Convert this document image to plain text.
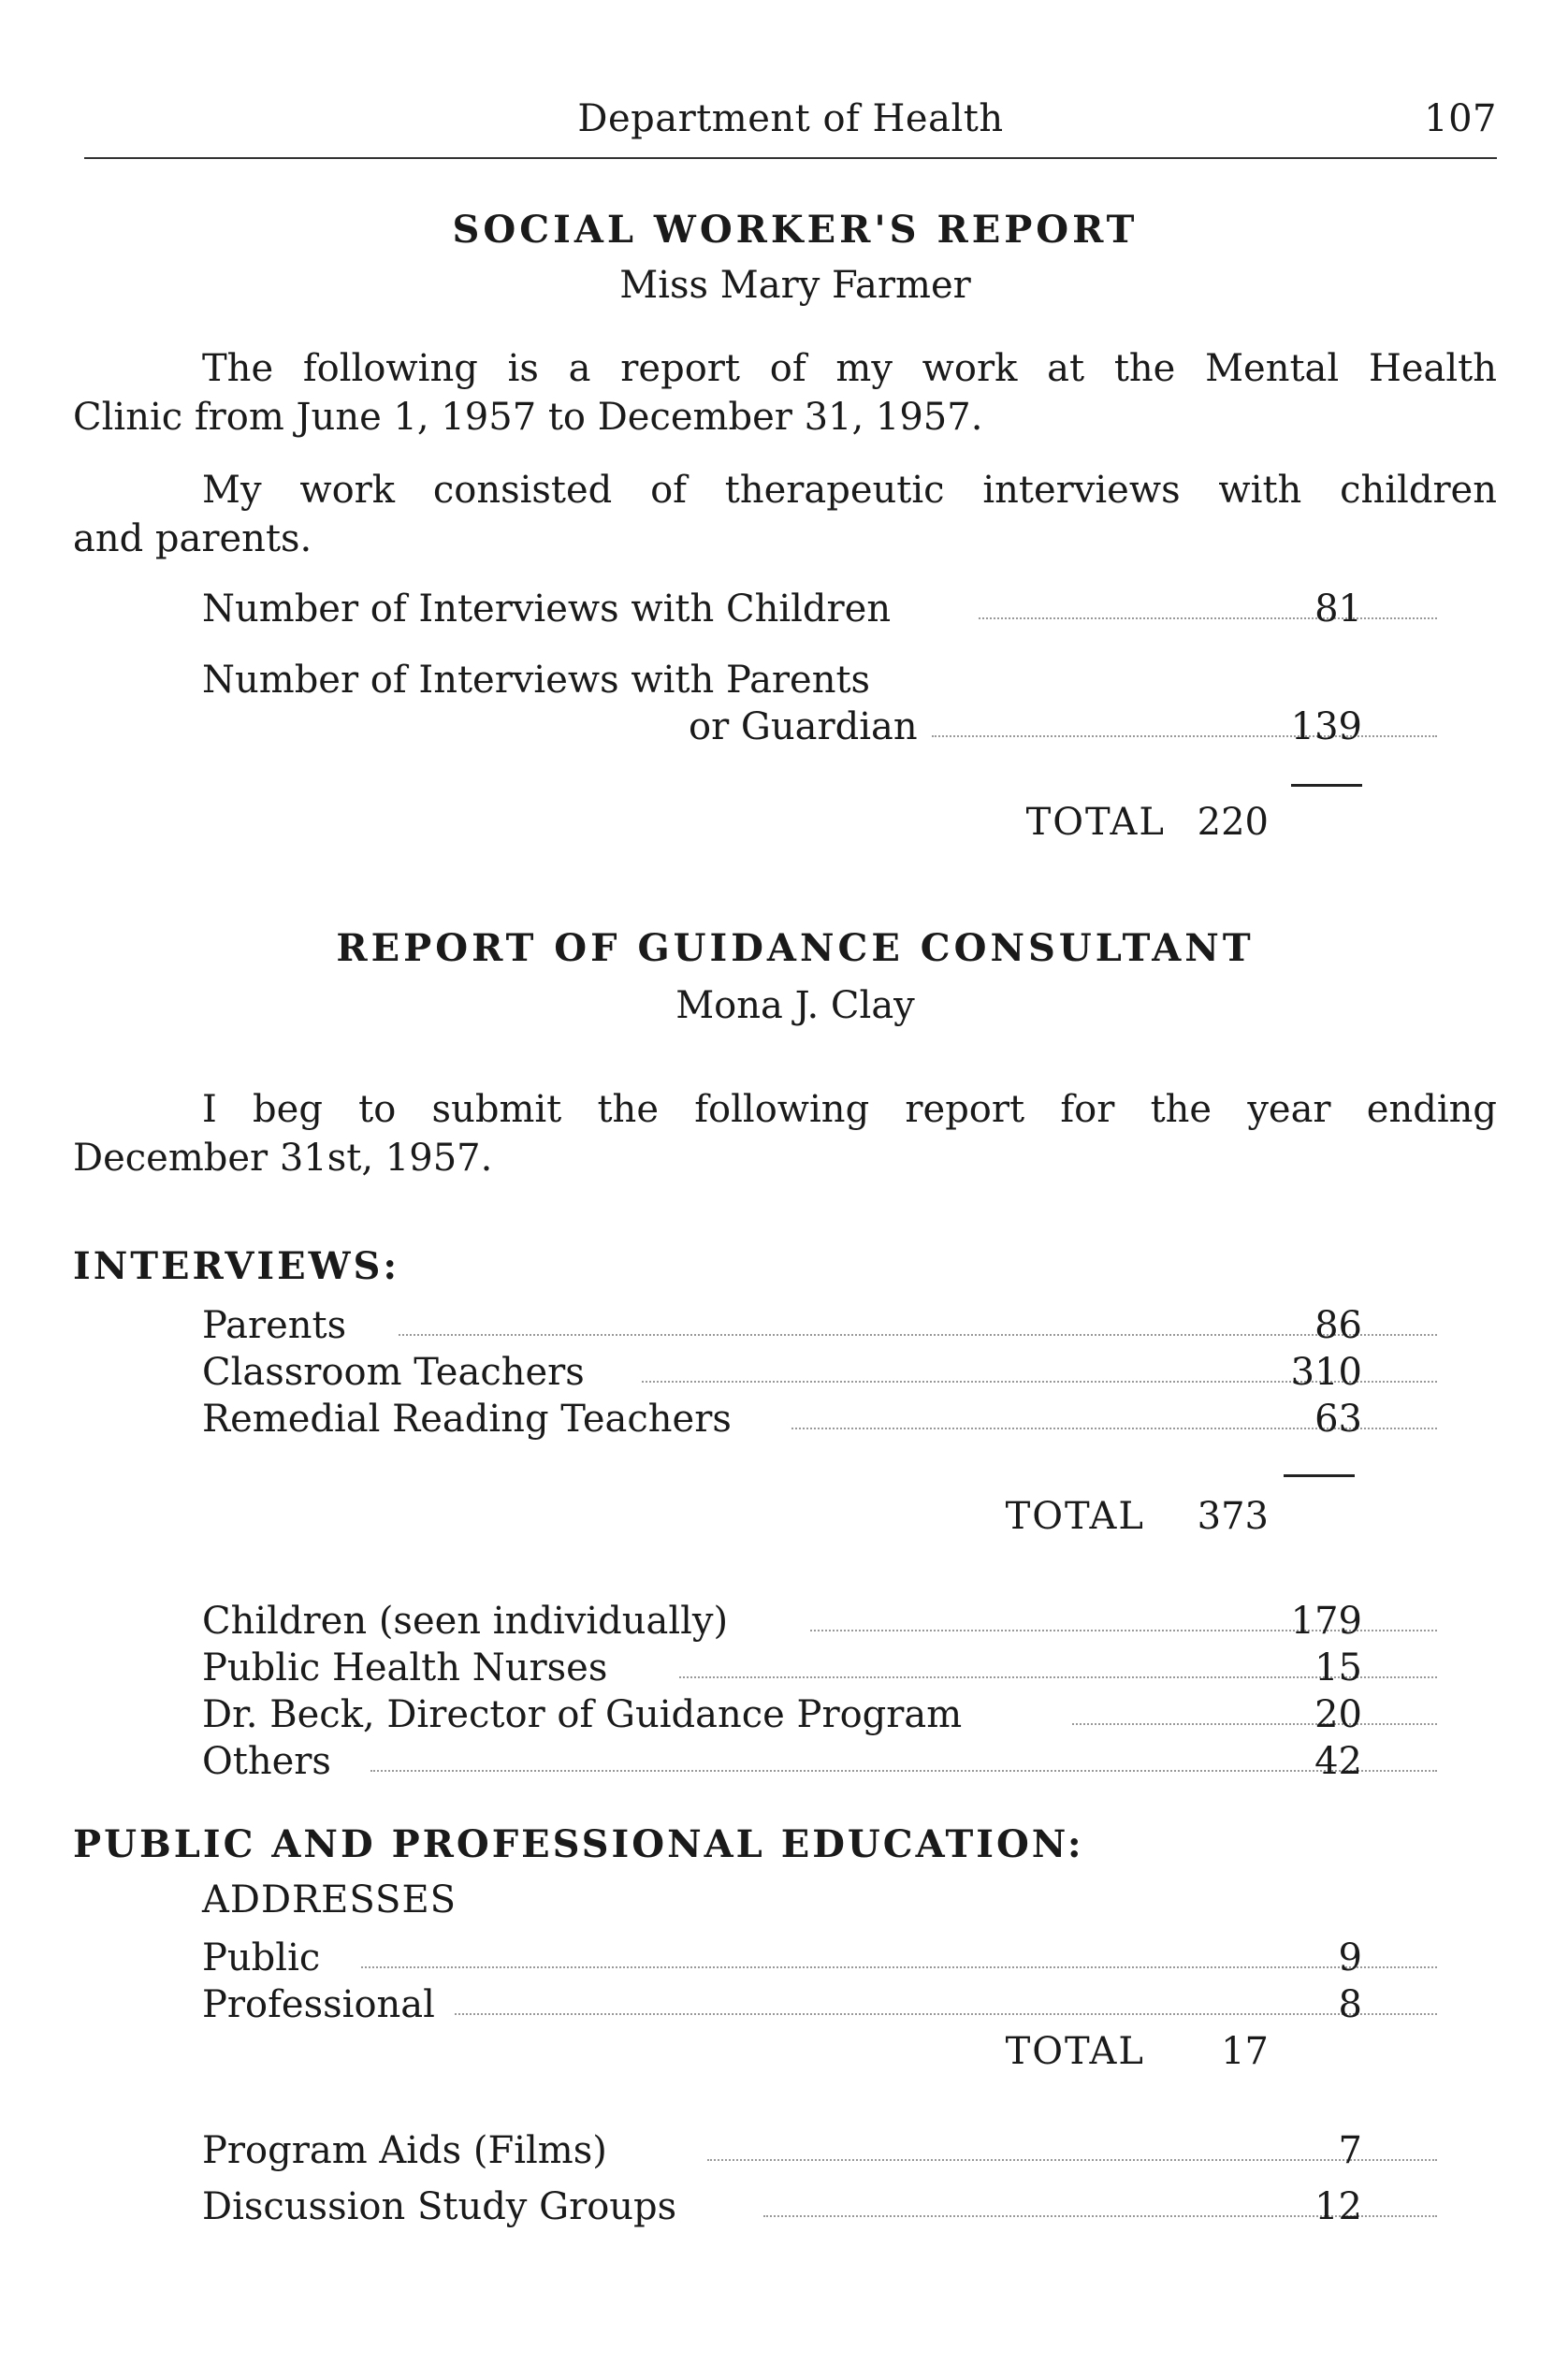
Department of Health	107
SOCIAL WORKER'S REPORT
Miss Mary Farmer
The following is a report of my work at the Mental Health
Clinic from June 1, 1957 to December 31, 1957.
My work consisted of therapeutic interviews with children
and parents.
Number of Interviews with Children	81
Number of Interviews with Parents
or Guardian	139
TOTAL 220
REPORT OF GUIDANCE CONSULTANT
Mona J. Clay
I beg to submit the following report for the year ending
December 31st, 1957.
INTERVIEWS:
Parents	86
Classroom Teachers	310
Remedial Reading Teachers	63
TOTAL	373
Children (seen individually)	179
Public Health Nurses	15
Dr. Beck, Director of Guidance Program	20
Others	42
PUBLIC AND PROFESSIONAL EDUCATION:
ADDRESSES
Public	9
Professional	8
TOTAL	17
Program Aids (Films)	7
Discussion Study Groups	12
